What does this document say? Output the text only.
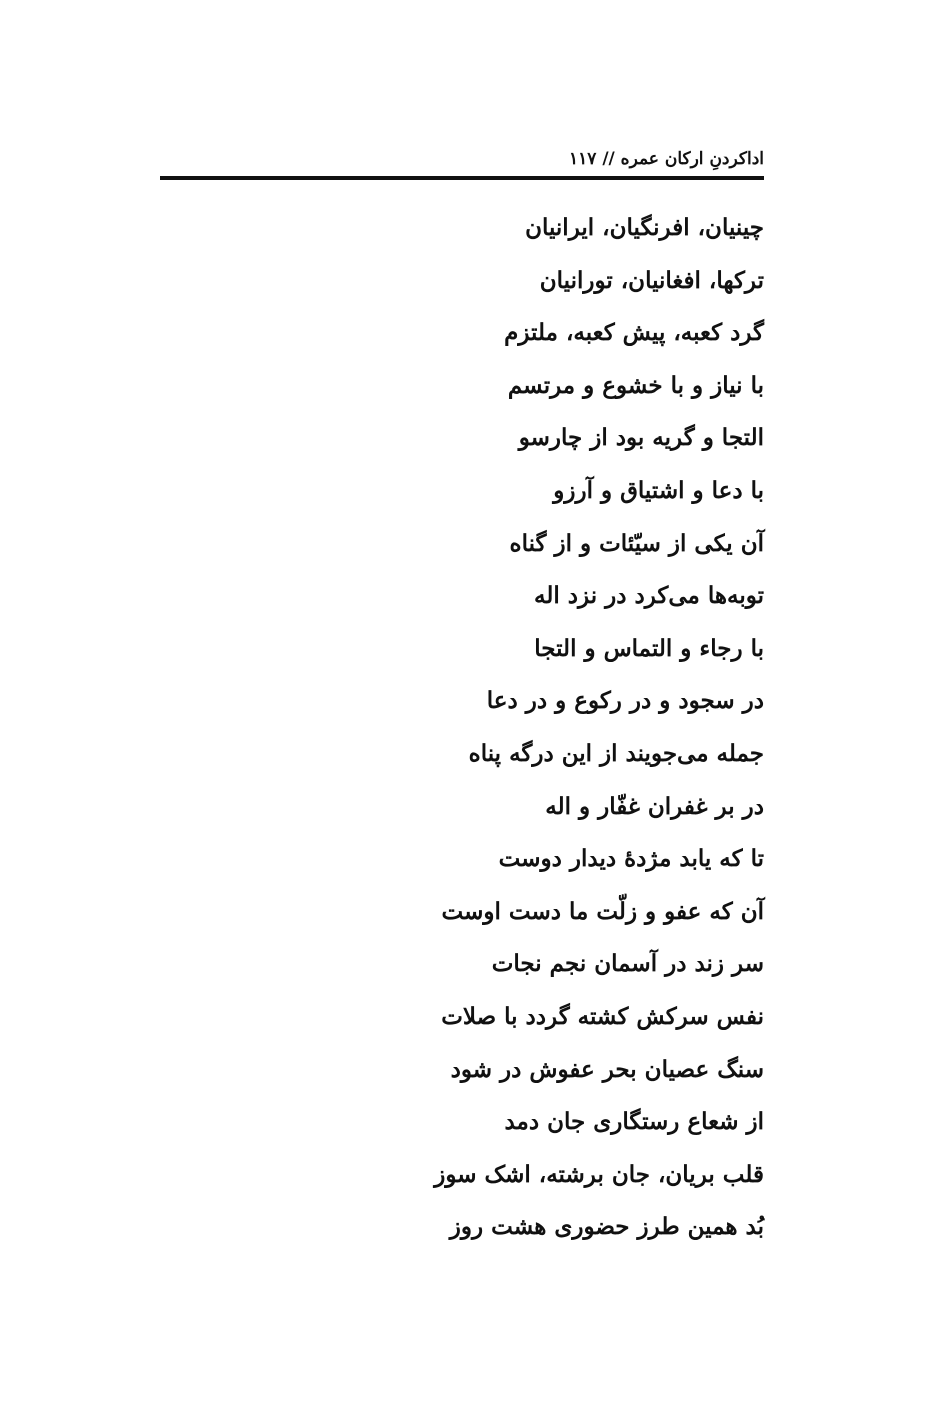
اداکردنِ ارکان عمره // ۱۱۷
چینیان، افرنگیان، ایرانیان
ترکها، افغانیان، تورانیان
گرد کعبه، پیش کعبه، ملتزم
با نیاز و با خشوع و مرتسم
التجا و گریه بود از چارسو
با دعا و اشتیاق و آرزو
آن یکی از سیّئات و از گناه
توبه‌ها می‌کرد در نزد اله
با رجاء و التماس و التجا
در سجود و در رکوع و در دعا
جمله می‌جویند از این درگه پناه
در بر غفران غفّار و اله
تا که یابد مژدۀ دیدار دوست
آن که عفو و زلّت ما دست اوست
سر زند در آسمان نجم نجات
نفس سرکش کشته گردد با صلات
سنگ عصیان بحر عفوش در شود
از شعاع رستگاری جان دمد
قلب بریان، جان برشته، اشک سوز
بُد همین طرز حضوری هشت روز
